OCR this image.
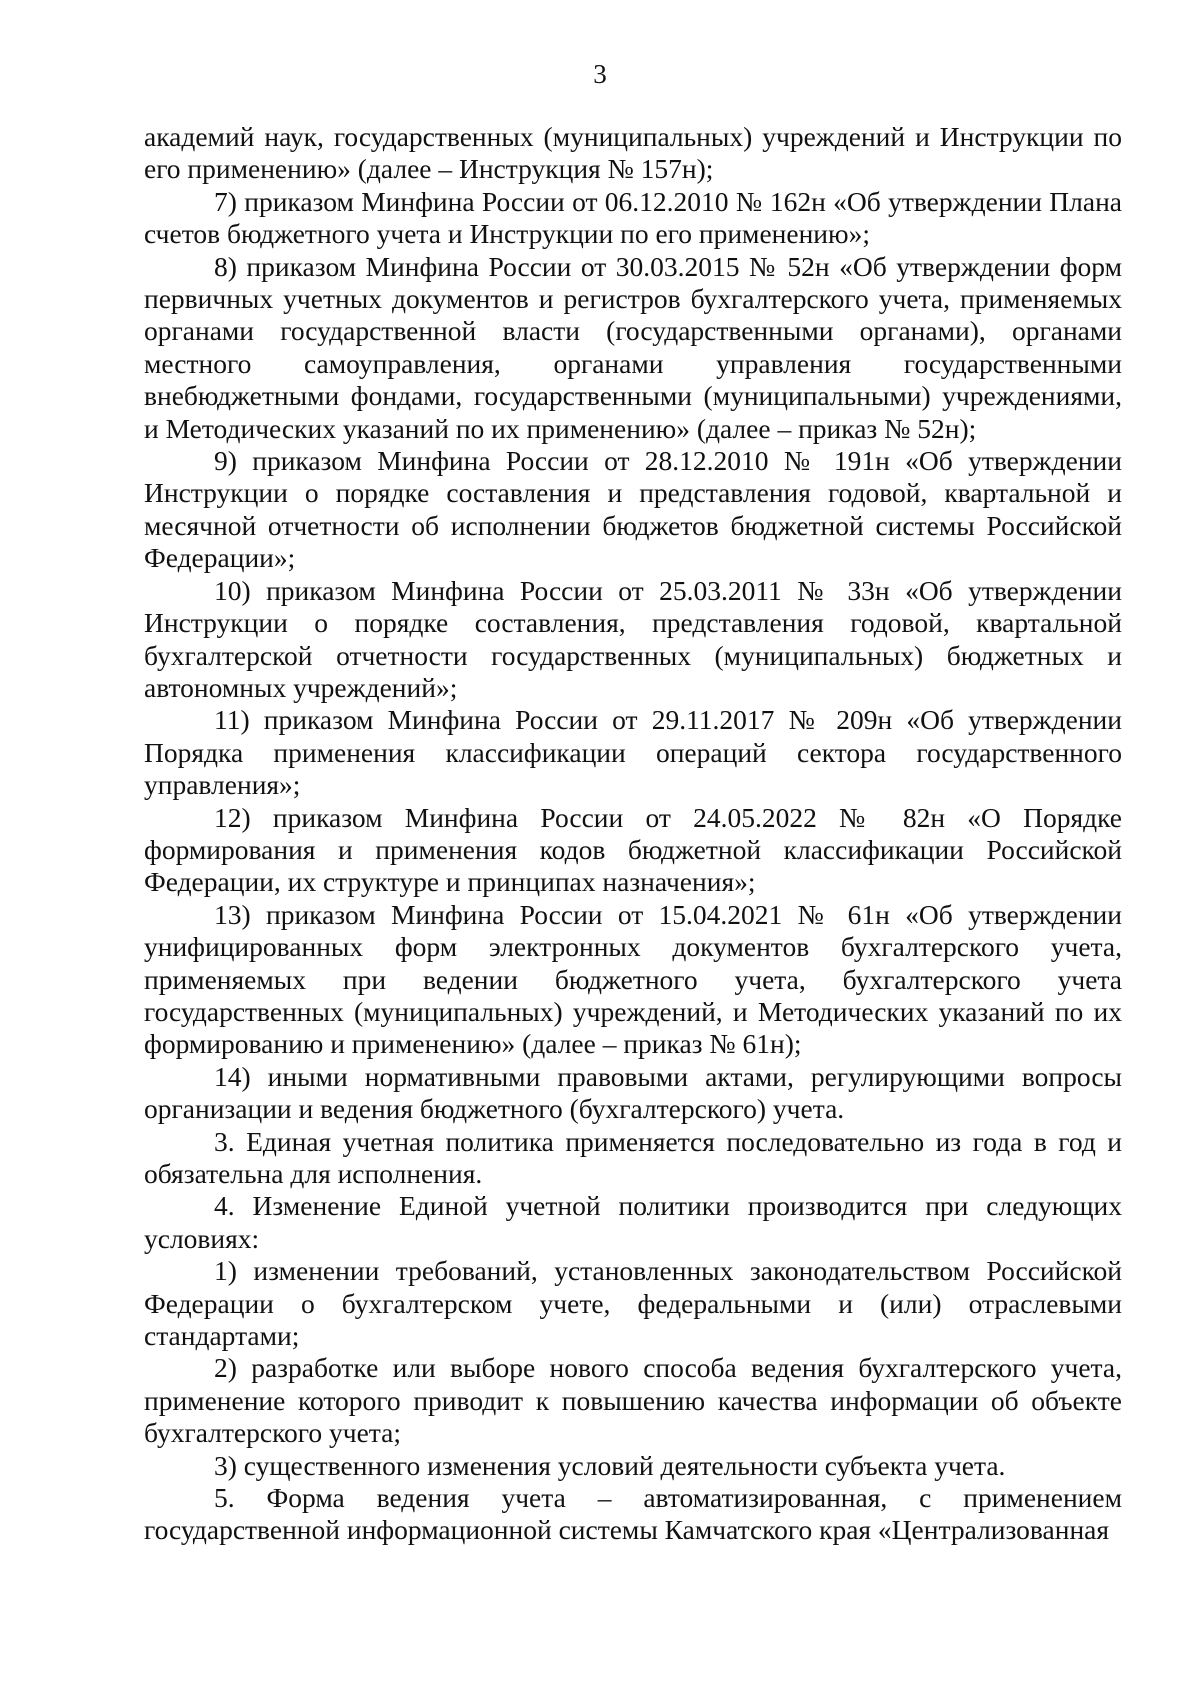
3

академий наук, государственных (муниципальных) учреждений и Инструкции по его применению» (далее – Инструкция № 157н);

7) приказом Минфина России от 06.12.2010 № 162н «Об утверждении Плана счетов бюджетного учета и Инструкции по его применению»;

8) приказом Минфина России от 30.03.2015 № 52н «Об утверждении форм первичных учетных документов и регистров бухгалтерского учета, применяемых органами государственной власти (государственными органами), органами местного самоуправления, органами управления государственными внебюджетными фондами, государственными (муниципальными) учреждениями, и Методических указаний по их применению» (далее – приказ № 52н);

9) приказом Минфина России от 28.12.2010 № 191н «Об утверждении Инструкции о порядке составления и представления годовой, квартальной и месячной отчетности об исполнении бюджетов бюджетной системы Российской Федерации»;

10) приказом Минфина России от 25.03.2011 № 33н «Об утверждении Инструкции о порядке составления, представления годовой, квартальной бухгалтерской отчетности государственных (муниципальных) бюджетных и автономных учреждений»;

11) приказом Минфина России от 29.11.2017 № 209н «Об утверждении Порядка применения классификации операций сектора государственного управления»;

12) приказом Минфина России от 24.05.2022 № 82н «О Порядке формирования и применения кодов бюджетной классификации Российской Федерации, их структуре и принципах назначения»;

13) приказом Минфина России от 15.04.2021 № 61н «Об утверждении унифицированных форм электронных документов бухгалтерского учета, применяемых при ведении бюджетного учета, бухгалтерского учета государственных (муниципальных) учреждений, и Методических указаний по их формированию и применению» (далее – приказ № 61н);

14) иными нормативными правовыми актами, регулирующими вопросы организации и ведения бюджетного (бухгалтерского) учета.

3. Единая учетная политика применяется последовательно из года в год и обязательна для исполнения.

4. Изменение Единой учетной политики производится при следующих условиях:

1) изменении требований, установленных законодательством Российской Федерации о бухгалтерском учете, федеральными и (или) отраслевыми стандартами;

2) разработке или выборе нового способа ведения бухгалтерского учета, применение которого приводит к повышению качества информации об объекте бухгалтерского учета;

3) существенного изменения условий деятельности субъекта учета.

5. Форма ведения учета – автоматизированная, с применением государственной информационной системы Камчатского края «Централизованная
